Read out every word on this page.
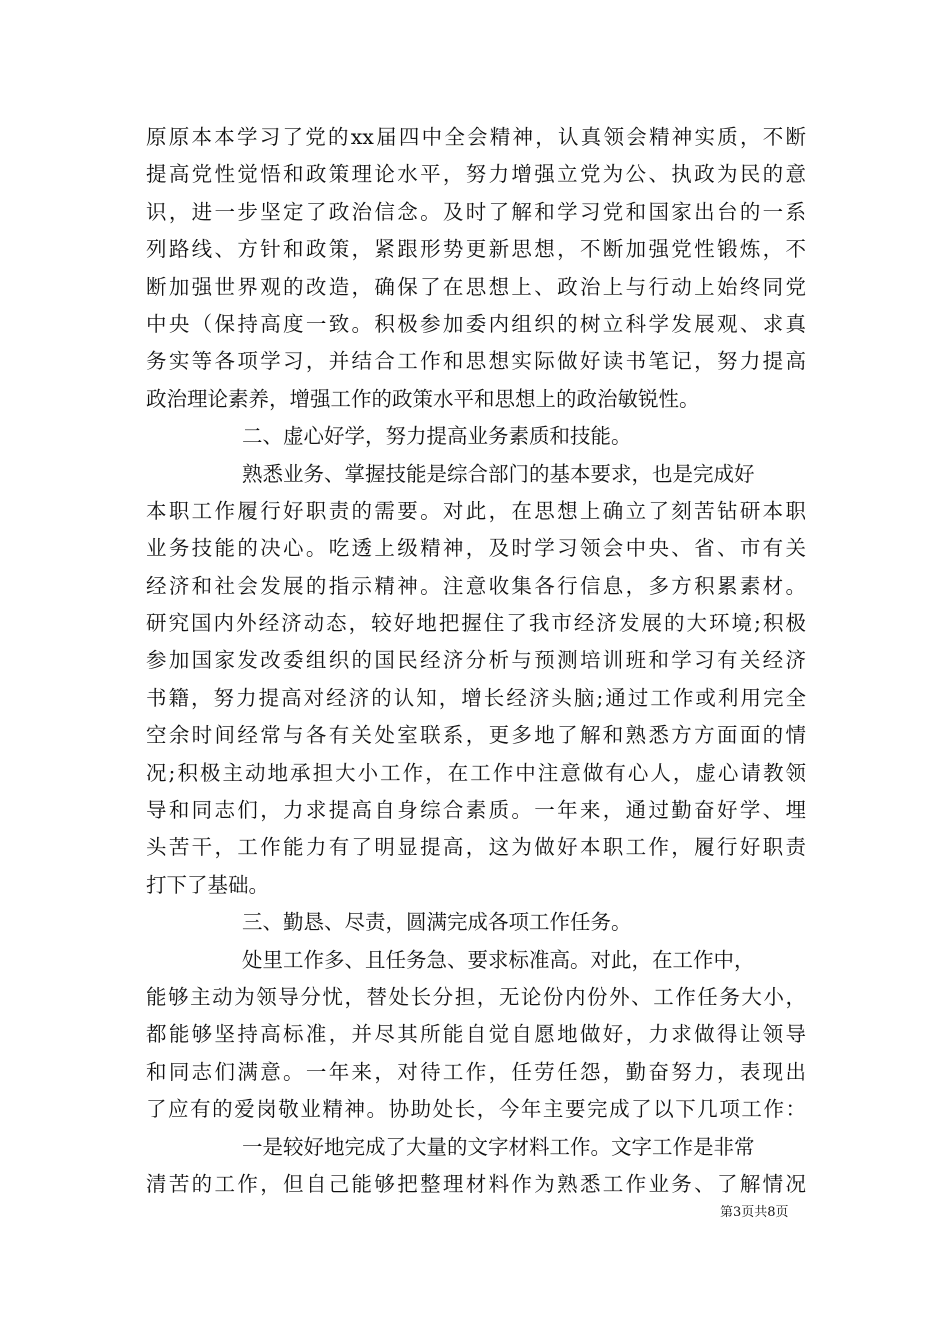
原原本本学习了党的xx届四中全会精神，认真领会精神实质，不断
提高党性觉悟和政策理论水平，努力增强立党为公、执政为民的意
识，进一步坚定了政治信念。及时了解和学习党和国家出台的一系
列路线、方针和政策，紧跟形势更新思想，不断加强党性锻炼，不
断加强世界观的改造，确保了在思想上、政治上与行动上始终同党
中央（保持高度一致。积极参加委内组织的树立科学发展观、求真
务实等各项学习，并结合工作和思想实际做好读书笔记，努力提高
政治理论素养，增强工作的政策水平和思想上的政治敏锐性。
二、虚心好学，努力提高业务素质和技能。
熟悉业务、掌握技能是综合部门的基本要求，也是完成好
本职工作履行好职责的需要。对此，在思想上确立了刻苦钻研本职
业务技能的决心。吃透上级精神，及时学习领会中央、省、市有关
经济和社会发展的指示精神。注意收集各行信息，多方积累素材。
研究国内外经济动态，较好地把握住了我市经济发展的大环境;积极
参加国家发改委组织的国民经济分析与预测培训班和学习有关经济
书籍，努力提高对经济的认知，增长经济头脑;通过工作或利用完全
空余时间经常与各有关处室联系，更多地了解和熟悉方方面面的情
况;积极主动地承担大小工作，在工作中注意做有心人，虚心请教领
导和同志们，力求提高自身综合素质。一年来，通过勤奋好学、埋
头苦干，工作能力有了明显提高，这为做好本职工作，履行好职责
打下了基础。
三、勤恳、尽责，圆满完成各项工作任务。
处里工作多、且任务急、要求标准高。对此，在工作中，
能够主动为领导分忧，替处长分担，无论份内份外、工作任务大小，
都能够坚持高标准，并尽其所能自觉自愿地做好，力求做得让领导
和同志们满意。一年来，对待工作，任劳任怨，勤奋努力，表现出
了应有的爱岗敬业精神。协助处长，今年主要完成了以下几项工作：
一是较好地完成了大量的文字材料工作。文字工作是非常
清苦的工作，但自己能够把整理材料作为熟悉工作业务、了解情况
第3页共8页
